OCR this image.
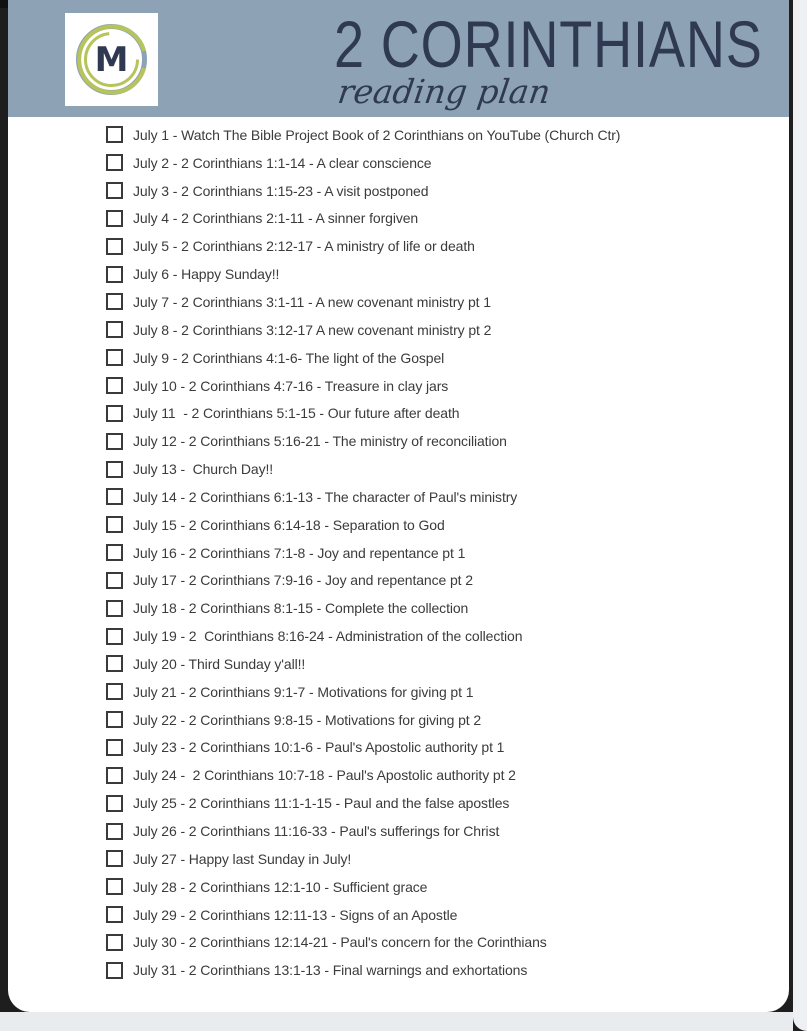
M	2 CORINTHIANS
reading plan
July 1 - Watch The Bible Project Book of 2 Corinthians on YouTube (Church Ctr)
July 2 - 2 Corinthians 1:1-14 - A clear conscience
July 3 - 2 Corinthians 1:15-23 - A visit postponed
July 4 - 2 Corinthians 2:1-11 - A sinner forgiven
July 5 - 2 Corinthians 2:12-17 - A ministry of life or death
July 6 - Happy Sunday!!
July 7 - 2 Corinthians 3:1-11 - A new covenant ministry pt 1
July 8 - 2 Corinthians 3:12-17 A new covenant ministry pt 2
July 9 - 2 Corinthians 4:1-6- The light of the Gospel
July 10 - 2 Corinthians 4:7-16 - Treasure in clay jars
July 11  - 2 Corinthians 5:1-15 - Our future after death
July 12 - 2 Corinthians 5:16-21 - The ministry of reconciliation
July 13 -  Church Day!!
July 14 - 2 Corinthians 6:1-13 - The character of Paul's ministry
July 15 - 2 Corinthians 6:14-18 - Separation to God
July 16 - 2 Corinthians 7:1-8 - Joy and repentance pt 1
July 17 - 2 Corinthians 7:9-16 - Joy and repentance pt 2
July 18 - 2 Corinthians 8:1-15 - Complete the collection
July 19 - 2  Corinthians 8:16-24 - Administration of the collection
July 20 - Third Sunday y'all!!
July 21 - 2 Corinthians 9:1-7 - Motivations for giving pt 1
July 22 - 2 Corinthians 9:8-15 - Motivations for giving pt 2
July 23 - 2 Corinthians 10:1-6 - Paul's Apostolic authority pt 1
July 24 -  2 Corinthians 10:7-18 - Paul's Apostolic authority pt 2
July 25 - 2 Corinthians 11:1-1-15 - Paul and the false apostles
July 26 - 2 Corinthians 11:16-33 - Paul's sufferings for Christ
July 27 - Happy last Sunday in July!
July 28 - 2 Corinthians 12:1-10 - Sufficient grace
July 29 - 2 Corinthians 12:11-13 - Signs of an Apostle
July 30 - 2 Corinthians 12:14-21 - Paul's concern for the Corinthians
July 31 - 2 Corinthians 13:1-13 - Final warnings and exhortations
